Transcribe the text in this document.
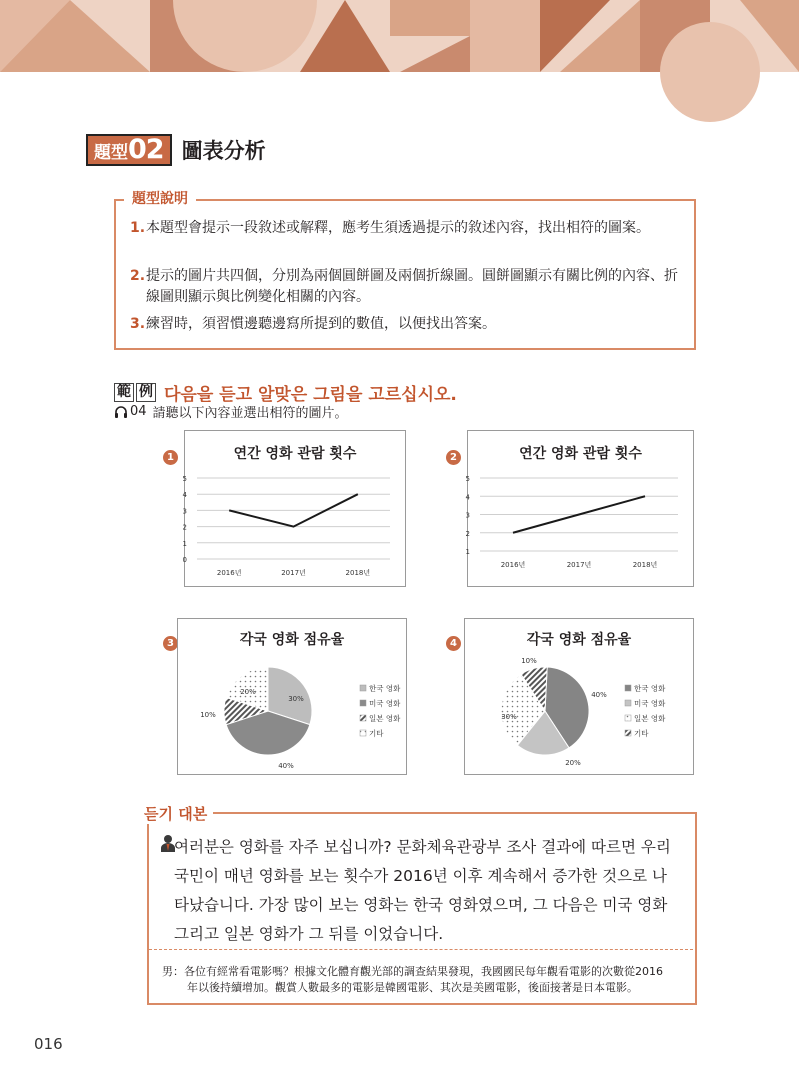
題型 02 圖表分析
題型說明
1. 本題型會提示一段敘述或解釋，應考生須透過提示的敘述內容，找出相符的圖案。
2. 提示的圖片共四個，分別為兩個圓餅圖及兩個折線圖。圓餅圖顯示有關比例的內容、折線圖則顯示與比例變化相關的內容。
3. 練習時，須習慣邊聽邊寫所提到的數值，以便找出答案。
範 例 다음을 듣고 알맞은 그림을 고르십시오.
04 請聽以下內容並選出相符的圖片。
1	연간 영화 관람 횟수
0
1
2
3
4
5
2016년	2017년	2018년
2	연간 영화 관람 횟수
1
2
3
4
5
2016년	2017년	2018년
3	각국 영화 점유율
30%
40%
10%
20%	한국 영화
미국 영화
일본 영화
기타
4	각국 영화 점유율
40%
20%
30%
10%
한국 영화
미국 영화
일본 영화
기타
듣기 대본
여러분은 영화를 자주 보십니까? 문화체육관광부 조사 결과에 따르면 우리 국민이 매년 영화를 보는 횟수가 2016년 이후 계속해서 증가한 것으로 나타났습니다. 가장 많이 보는 영화는 한국 영화였으며, 그 다음은 미국 영화 그리고 일본 영화가 그 뒤를 이었습니다.
男：各位有經常看電影嗎？根據文化體育觀光部的調查結果發現，我國國民每年觀看電影的次數從2016
年以後持續增加。觀賞人數最多的電影是韓國電影、其次是美國電影，後面接著是日本電影。
016
